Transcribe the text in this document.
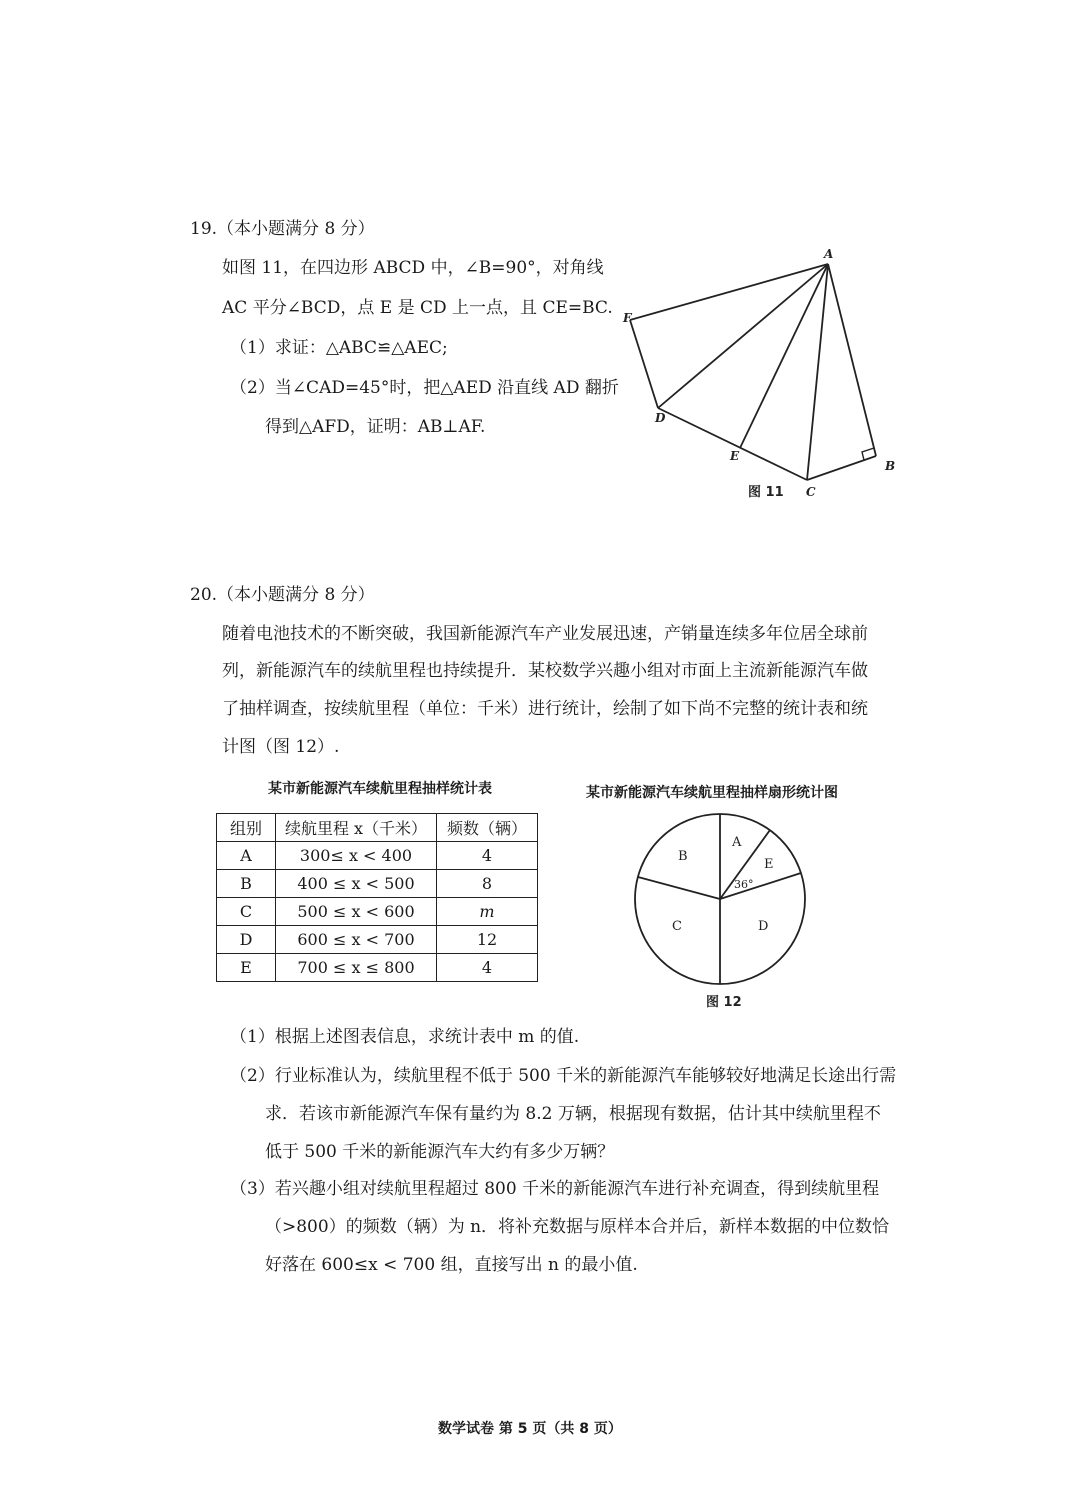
19.（本小题满分 8 分）
如图 11，在四边形 ABCD 中，∠B=90°，对角线
AC 平分∠BCD，点 E 是 CD 上一点，且 CE=BC.
（1）求证：△ABC≌△AEC;
（2）当∠CAD=45°时，把△AED 沿直线 AD 翻折
得到△AFD，证明：AB⊥AF.
A
B
C
D
E
F
图 11
20.（本小题满分 8 分）
随着电池技术的不断突破，我国新能源汽车产业发展迅速，产销量连续多年位居全球前
列，新能源汽车的续航里程也持续提升．某校数学兴趣小组对市面上主流新能源汽车做
了抽样调查，按续航里程（单位：千米）进行统计，绘制了如下尚不完整的统计表和统
计图（图 12）.
某市新能源汽车续航里程抽样统计表
组别	续航里程 x（千米）	频数（辆）
A	300≤ x < 400	4
B	400 ≤ x < 500	8
C	500 ≤ x < 600	m
D	600 ≤ x < 700	12
E	700 ≤ x ≤ 800	4
某市新能源汽车续航里程抽样扇形统计图
A
B
C	D
E
36°
图 12
（1）根据上述图表信息，求统计表中 m 的值.
（2）行业标准认为，续航里程不低于 500 千米的新能源汽车能够较好地满足长途出行需
求．若该市新能源汽车保有量约为 8.2 万辆，根据现有数据，估计其中续航里程不
低于 500 千米的新能源汽车大约有多少万辆？
（3）若兴趣小组对续航里程超过 800 千米的新能源汽车进行补充调查，得到续航里程
（>800）的频数（辆）为 n．将补充数据与原样本合并后，新样本数据的中位数恰
好落在 600≤x < 700 组，直接写出 n 的最小值.
数学试卷 第 5 页（共 8 页）
